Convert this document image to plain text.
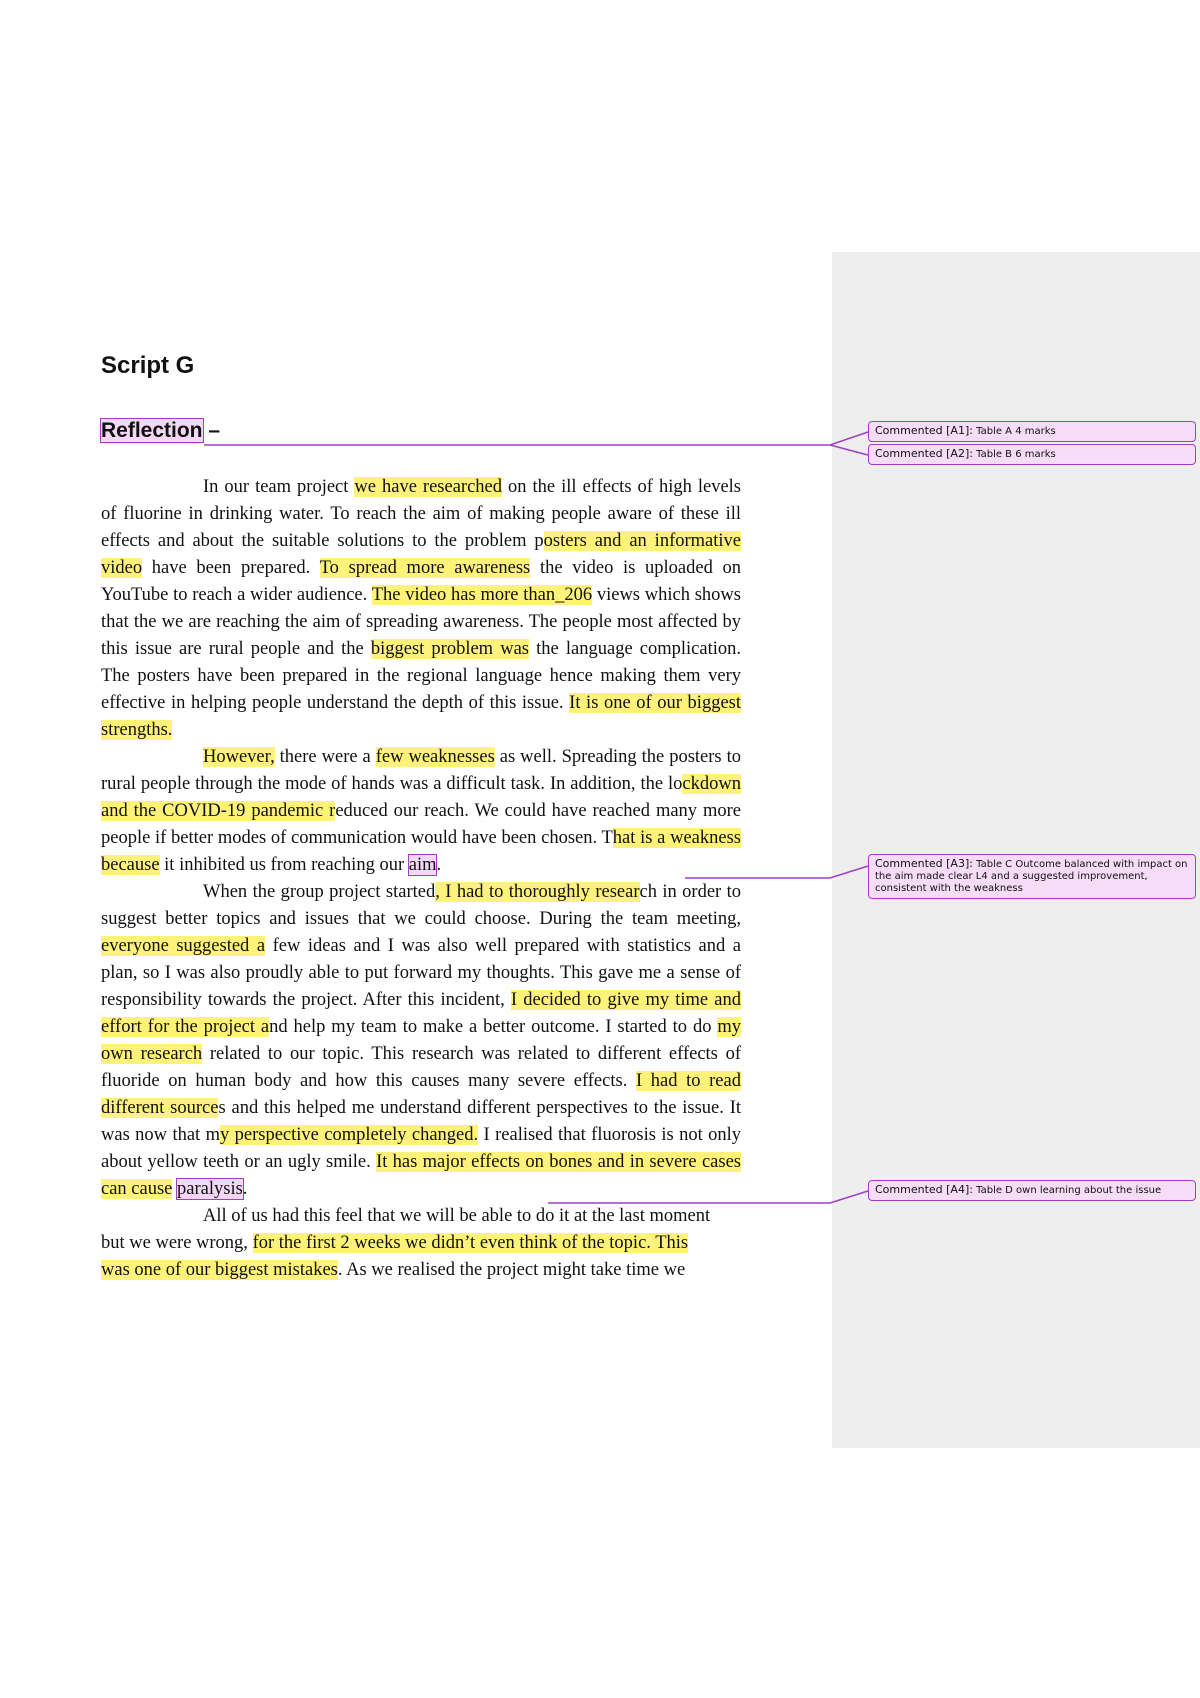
Script G
Reflection –

In our team project we have researched on the ill effects of high levels of fluorine in drinking water. To reach the aim of making people aware of these ill effects and about the suitable solutions to the problem posters and an informative video have been prepared. To spread more awareness the video is uploaded on YouTube to reach a wider audience. The video has more than_206 views which shows that the we are reaching the aim of spreading awareness. The people most affected by this issue are rural people and the biggest problem was the language complication. The posters have been prepared in the regional language hence making them very effective in helping people understand the depth of this issue. It is one of our biggest strengths.

However, there were a few weaknesses as well. Spreading the posters to rural people through the mode of hands was a difficult task. In addition, the lockdown and the COVID-19 pandemic reduced our reach. We could have reached many more people if better modes of communication would have been chosen. That is a weakness because it inhibited us from reaching our aim.

When the group project started, I had to thoroughly research in order to suggest better topics and issues that we could choose. During the team meeting, everyone suggested a few ideas and I was also well prepared with statistics and a plan, so I was also proudly able to put forward my thoughts. This gave me a sense of responsibility towards the project. After this incident, I decided to give my time and effort for the project and help my team to make a better outcome. I started to do my own research related to our topic. This research was related to different effects of fluoride on human body and how this causes many severe effects. I had to read different sources and this helped me understand different perspectives to the issue. It was now that my perspective completely changed. I realised that fluorosis is not only about yellow teeth or an ugly smile. It has major effects on bones and in severe cases can cause paralysis.

All of us had this feel that we will be able to do it at the last moment

but we were wrong, for the first 2 weeks we didn’t even think of the topic. This
was one of our biggest mistakes. As we realised the project might take time we
Commented [A1]: Table A 4 marks
Commented [A2]: Table B 6 marks
Commented [A3]: Table C Outcome balanced with impact on the aim made clear L4 and a suggested improvement, consistent with the weakness
Commented [A4]: Table D own learning about the issue
